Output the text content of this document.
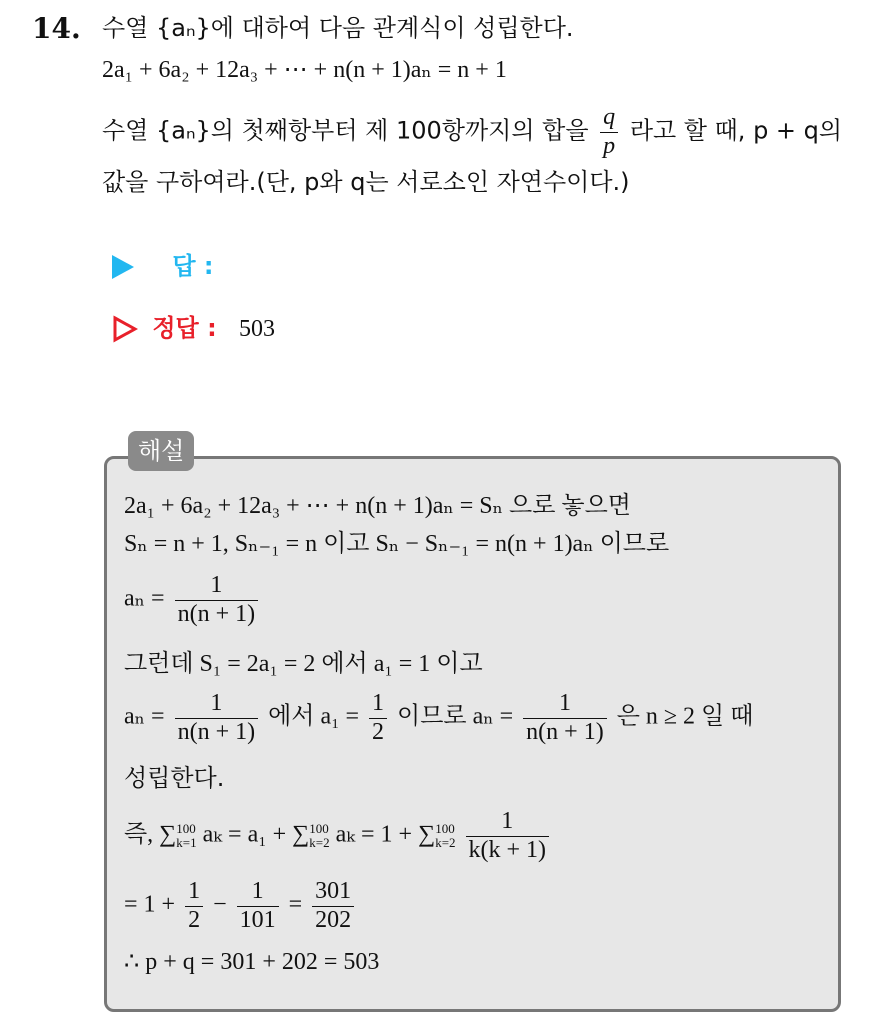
14. 수열 {aₙ}에 대하여 다음 관계식이 성립한다.
2a₁ + 6a₂ + 12a₃ + ⋯ + n(n + 1)aₙ = n + 1
수열 {aₙ}의 첫째항부터 제 100항까지의 합을 $\frac{q}{p}$ 라고 할 때, p + q의
값을 구하여라.(단, p와 q는 서로소인 자연수이다.)
답 :
정답 : 503
해설
2a₁ + 6a₂ + 12a₃ + ⋯ + n(n + 1)aₙ = Sₙ 으로 놓으면
Sₙ = n + 1, Sₙ₋₁ = n 이고 Sₙ − Sₙ₋₁ = n(n + 1)aₙ 이므로
$a_n = \frac{1}{n(n + 1)}$
그런데 S₁ = 2a₁ = 2 에서 a₁ = 1 이고
$a_n = \frac{1}{n(n + 1)}$ 에서 $a_1 = \frac{1}{2}$ 이므로 $a_n = \frac{1}{n(n + 1)}$ 은 n ≥ 2 일 때
성립한다.
즉, ∑ 100
k=1 aₖ = a₁ + ∑ 100
k=2 aₖ = 1 + ∑ 100
k=2
$\frac{1}{k(k + 1)}$
= $1 + \frac{1}{2} - \frac{1}{101} = \frac{301}{202}$
∴ p + q = 301 + 202 = 503
